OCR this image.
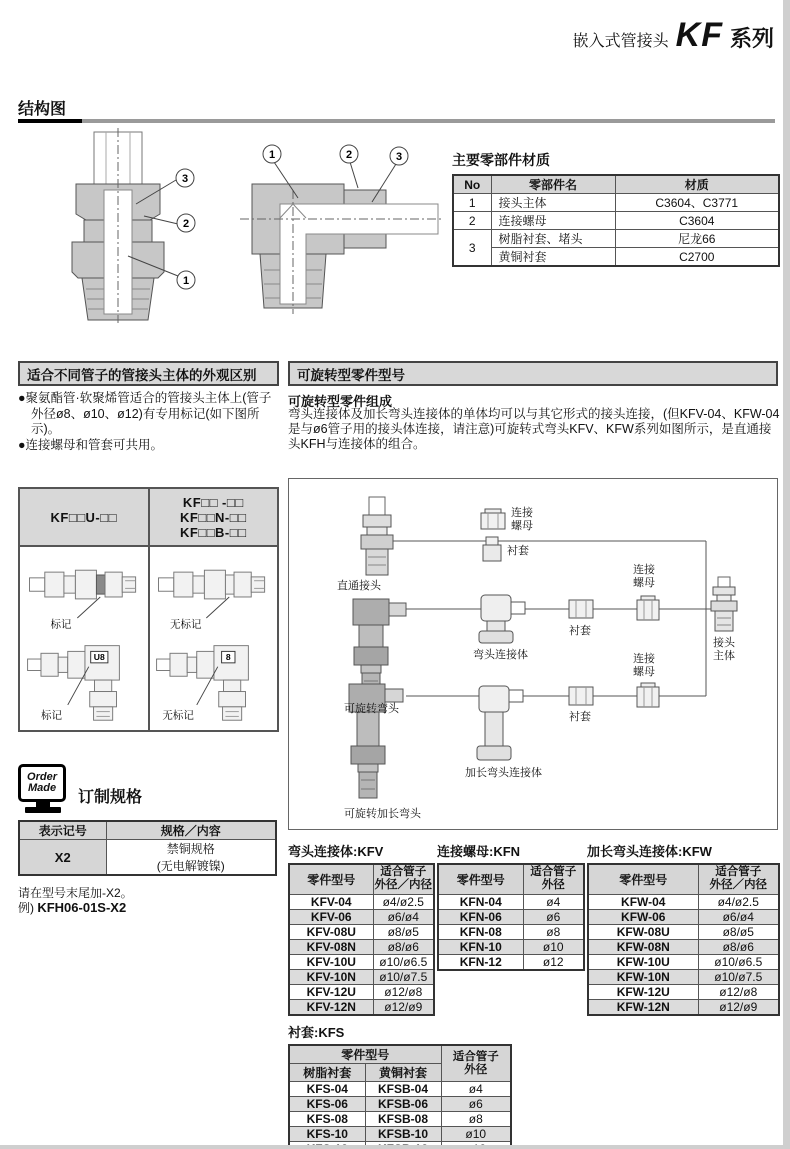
嵌入式管接头 KF 系列
结构图
3
2
1
1	2	3	主要零部件材质
No	零部件名	材质
1	接头主体	C3604、C3771
2	连接螺母	C3604
3	树脂衬套、堵头	尼龙66
	黄铜衬套	C2700
适合不同管子的管接头主体的外观区别
●聚氨酯管·软聚烯管适合的管接头主体上(管子外径ø8、ø10、ø12)有专用标记(如下图所示)。
●连接螺母和管套可共用。
KF□□U-□□
KF□□ -□□
KF□□N-□□
KF□□B-□□
标记
U8
标记
无标记
8
无标记
可旋转型零件型号
可旋转型零件组成
弯头连接体及加长弯头连接体的单体均可以与其它形式的接头连接，(但KFV-04、KFW-04是与ø6管子用的接头体连接，请注意)可旋转式弯头KFV、KFW系列如图所示，是直通接头KFH与连接体的组合。
直通接头
连接螺母
衬套
可旋转弯头
弯头连接体
衬套
连接螺母
接头主体
可旋转加长弯头
加长弯头连接体
衬套
连接螺母
Order
Made
订制规格
表示记号	规格／内容
X2	禁铜规格
(无电解镀镍)
请在型号末尾加-X2。
例) KFH06-01S-X2
弯头连接体:KFV
零件型号	适合管子
外径／内径

KFV-04	ø4/ø2.5
KFV-06	ø6/ø4
KFV-08U	ø8/ø5
KFV-08N	ø8/ø6
KFV-10U	ø10/ø6.5
KFV-10N	ø10/ø7.5
KFV-12U	ø12/ø8
KFV-12N	ø12/ø9
连接螺母:KFN
零件型号	适合管子
外径

KFN-04	ø4
KFN-06	ø6
KFN-08	ø8
KFN-10	ø10
KFN-12	ø12
加长弯头连接体:KFW
零件型号	适合管子
外径／内径

KFW-04	ø4/ø2.5
KFW-06	ø6/ø4
KFW-08U	ø8/ø5
KFW-08N	ø8/ø6
KFW-10U	ø10/ø6.5
KFW-10N	ø10/ø7.5
KFW-12U	ø12/ø8
KFW-12N	ø12/ø9
衬套:KFS
零件型号		适合管子
外径

树脂衬套	黄铜衬套	
KFS-04	KFSB-04	ø4
KFS-06	KFSB-06	ø6
KFS-08	KFSB-08	ø8
KFS-10	KFSB-10	ø10
